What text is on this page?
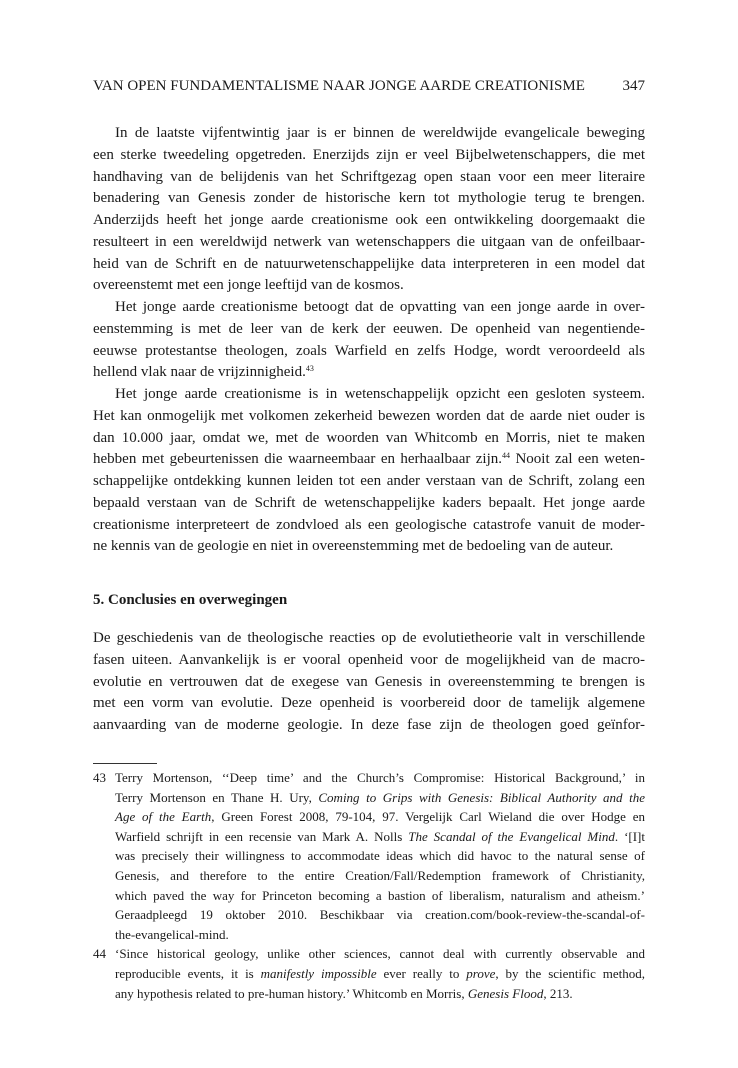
VAN OPEN FUNDAMENTALISME NAAR JONGE AARDE CREATIONISME	347
In de laatste vijfentwintig jaar is er binnen de wereldwijde evangelicale beweging
een sterke tweedeling opgetreden. Enerzijds zijn er veel Bijbelwetenschappers, die met
handhaving van de belijdenis van het Schriftgezag open staan voor een meer literaire
benadering van Genesis zonder de historische kern tot mythologie terug te brengen.
Anderzijds heeft het jonge aarde creationisme ook een ontwikkeling doorgemaakt die
resulteert in een wereldwijd netwerk van wetenschappers die uitgaan van de onfeilbaar-
heid van de Schrift en de natuurwetenschappelijke data interpreteren in een model dat
overeenstemt met een jonge leeftijd van de kosmos.
Het jonge aarde creationisme betoogt dat de opvatting van een jonge aarde in over-
eenstemming is met de leer van de kerk der eeuwen. De openheid van negentiende-
eeuwse protestantse theologen, zoals Warfield en zelfs Hodge, wordt veroordeeld als
hellend vlak naar de vrijzinnigheid.$^{43}$
Het jonge aarde creationisme is in wetenschappelijk opzicht een gesloten systeem.
Het kan onmogelijk met volkomen zekerheid bewezen worden dat de aarde niet ouder is
dan 10.000 jaar, omdat we, met de woorden van Whitcomb en Morris, niet te maken
hebben met gebeurtenissen die waarneembaar en herhaalbaar zijn.$^{44}$ Nooit zal een weten-
schappelijke ontdekking kunnen leiden tot een ander verstaan van de Schrift, zolang een
bepaald verstaan van de Schrift de wetenschappelijke kaders bepaalt. Het jonge aarde
creationisme interpreteert de zondvloed als een geologische catastrofe vanuit de moder-
ne kennis van de geologie en niet in overeenstemming met de bedoeling van de auteur.
5. Conclusies en overwegingen
De geschiedenis van de theologische reacties op de evolutietheorie valt in verschillende
fasen uiteen. Aanvankelijk is er vooral openheid voor de mogelijkheid van de macro-
evolutie en vertrouwen dat de exegese van Genesis in overeenstemming te brengen is
met een vorm van evolutie. Deze openheid is voorbereid door de tamelijk algemene
aanvaarding van de moderne geologie. In deze fase zijn de theologen goed geïnfor-
43 Terry Mortenson, ‘‘Deep time’ and the Church’s Compromise: Historical Background,’ in
Terry Mortenson en Thane H. Ury, Coming to Grips with Genesis: Biblical Authority and the
Age of the Earth, Green Forest 2008, 79-104, 97. Vergelijk Carl Wieland die over Hodge en
Warfield schrijft in een recensie van Mark A. Nolls The Scandal of the Evangelical Mind. ‘[I]t
was precisely their willingness to accommodate ideas which did havoc to the natural sense of
Genesis, and therefore to the entire Creation/Fall/Redemption framework of Christianity,
which paved the way for Princeton becoming a bastion of liberalism, naturalism and atheism.’
Geraadpleegd 19 oktober 2010. Beschikbaar via creation.com/book-review-the-scandal-of-
the-evangelical-mind.
44 ‘Since historical geology, unlike other sciences, cannot deal with currently observable and
reproducible events, it is manifestly impossible ever really to prove, by the scientific method,
any hypothesis related to pre-human history.’ Whitcomb en Morris, Genesis Flood, 213.
